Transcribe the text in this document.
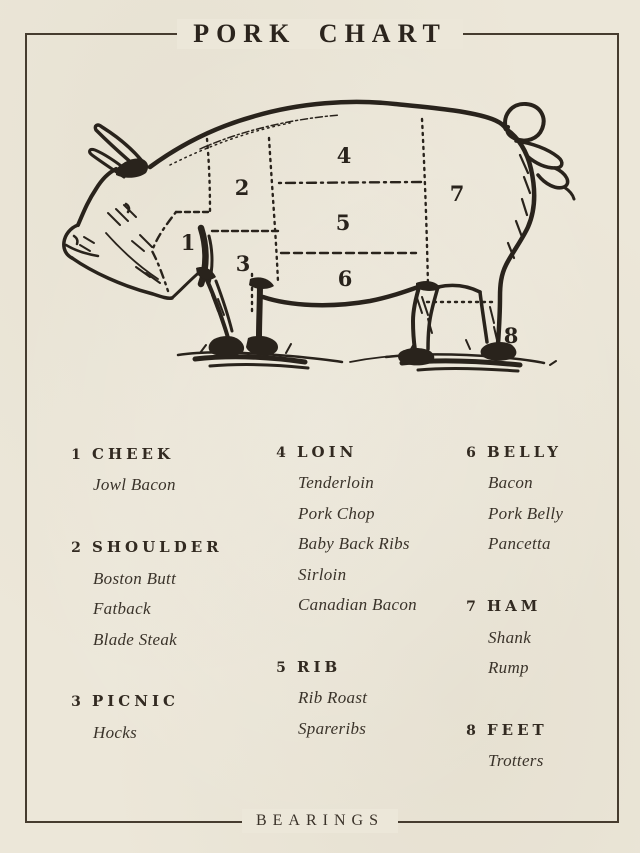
PORK CHART
1
2
3
4
5
6
7
8
1 CHEEK
Jowl Bacon
2 SHOULDER
Boston Butt
Fatback
Blade Steak
3 PICNIC
Hocks
4 LOIN
Tenderloin
Pork Chop
Baby Back Ribs
Sirloin
Canadian Bacon
5 RIB
Rib Roast
Spareribs
6 BELLY
Bacon
Pork Belly
Pancetta
7 HAM
Shank
Rump
8 FEET
Trotters
BEARINGS
